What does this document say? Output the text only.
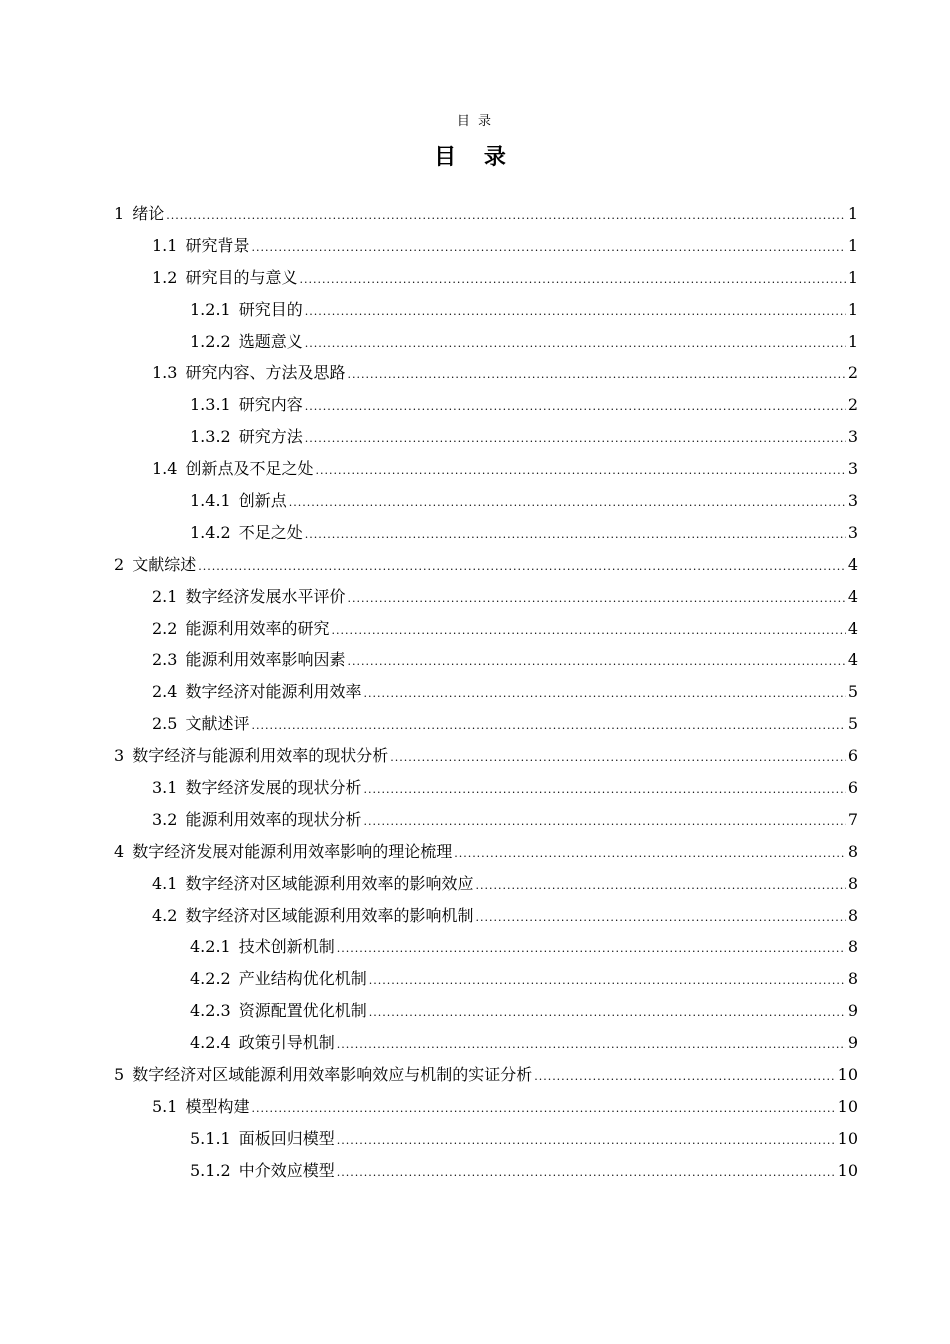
目 录
目 录
1 绪论 .....	1
1.1 研究背景 .....	1
1.2 研究目的与意义 .....	1
1.2.1 研究目的 .....	1
1.2.2 选题意义 .....	1
1.3 研究内容、方法及思路 .....	2
1.3.1 研究内容 .....	2
1.3.2 研究方法 .....	3
1.4 创新点及不足之处 .....	3
1.4.1 创新点 .....	3
1.4.2 不足之处 .....	3
2 文献综述 .....	4
2.1 数字经济发展水平评价 .....	4
2.2 能源利用效率的研究 .....	4
2.3 能源利用效率影响因素 .....	4
2.4 数字经济对能源利用效率 .....	5
2.5 文献述评 .....	5
3 数字经济与能源利用效率的现状分析 .....	6
3.1 数字经济发展的现状分析 .....	6
3.2 能源利用效率的现状分析 .....	7
4 数字经济发展对能源利用效率影响的理论梳理 .....	8
4.1 数字经济对区域能源利用效率的影响效应 .....	8
4.2 数字经济对区域能源利用效率的影响机制 .....	8
4.2.1 技术创新机制 .....	8
4.2.2 产业结构优化机制 .....	8
4.2.3 资源配置优化机制 .....	9
4.2.4 政策引导机制 .....	9
5 数字经济对区域能源利用效率影响效应与机制的实证分析 .....	10
5.1 模型构建 .....	10
5.1.1 面板回归模型 .....	10
5.1.2 中介效应模型 .....	10
